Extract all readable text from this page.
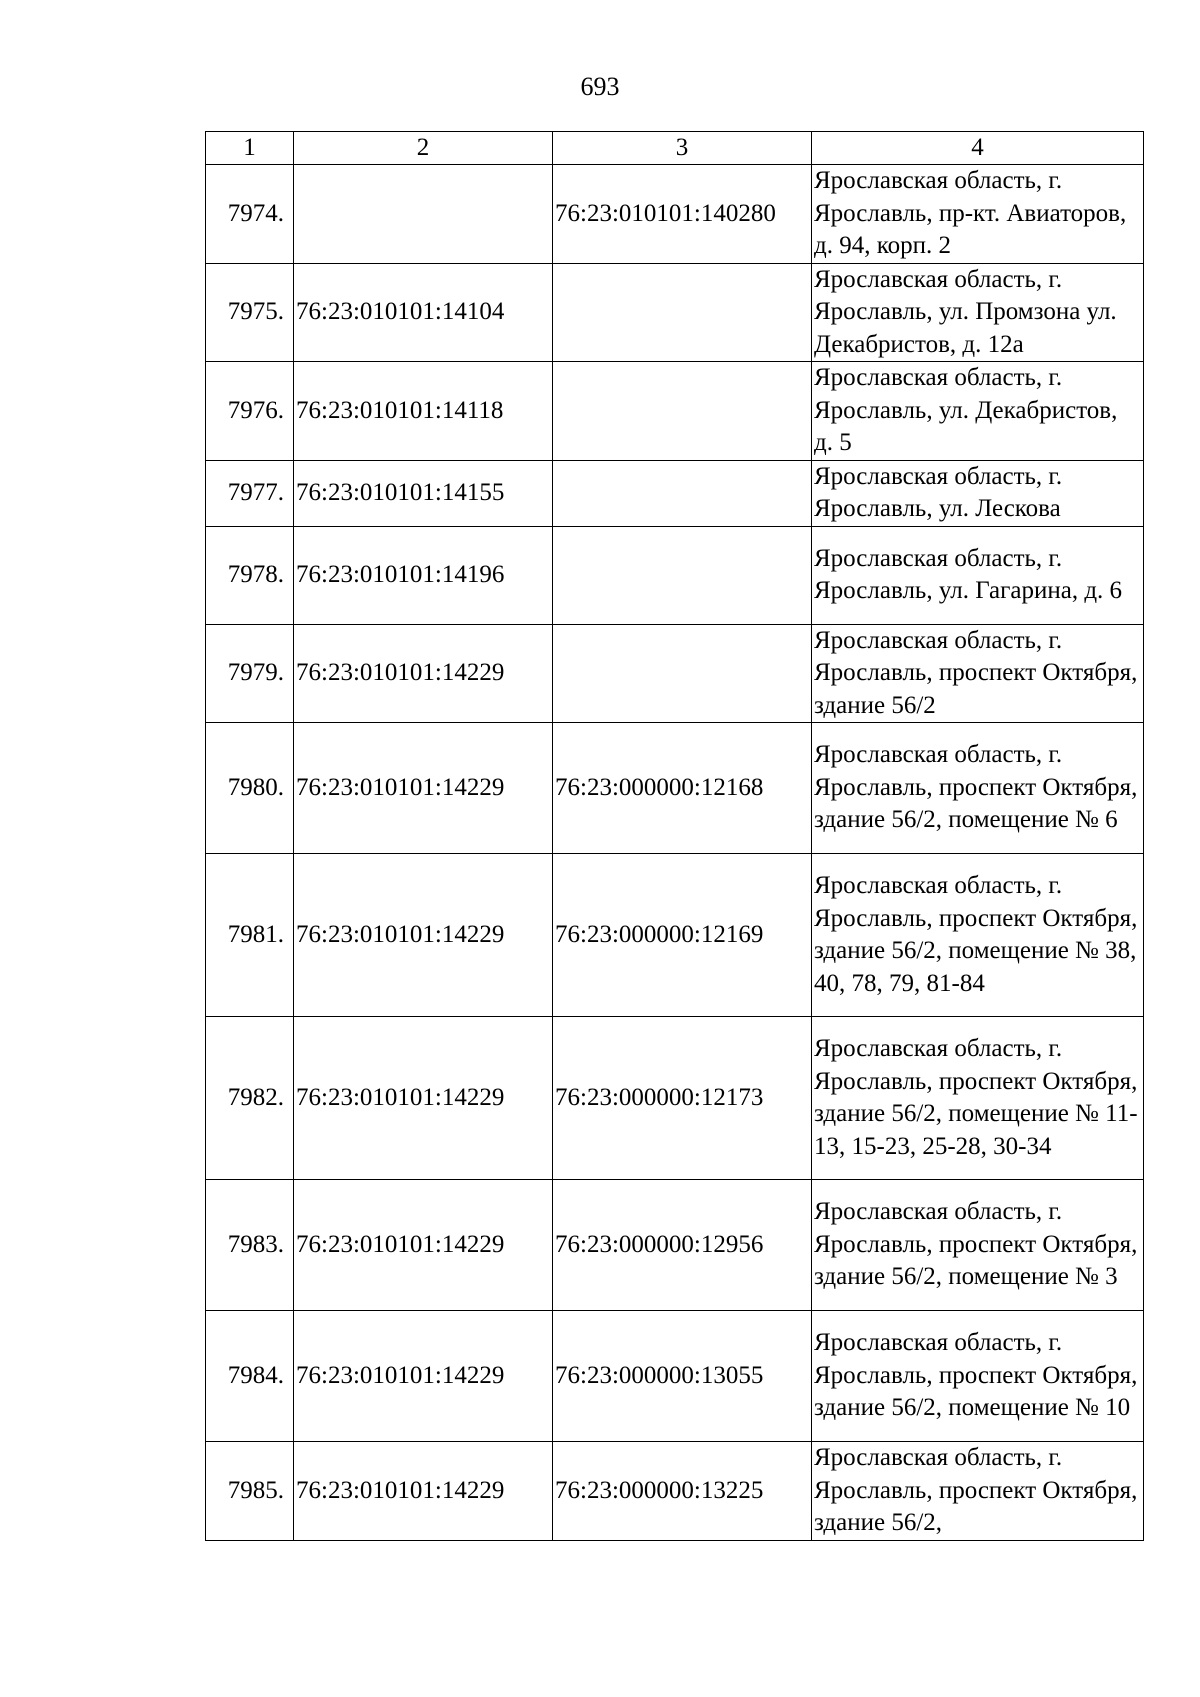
693
1	2	3	4
7974.		76:23:010101:140280	Ярославская область, г. Ярославль, пр-кт. Авиаторов, д. 94, корп. 2
7975.	76:23:010101:14104		Ярославская область, г. Ярославль, ул. Промзона ул. Декабристов, д. 12а
7976.	76:23:010101:14118		Ярославская область, г. Ярославль, ул. Декабристов, д. 5
7977.	76:23:010101:14155		Ярославская область, г. Ярославль, ул. Лескова
7978.	76:23:010101:14196		Ярославская область, г. Ярославль, ул. Гагарина, д. 6
7979.	76:23:010101:14229		Ярославская область, г. Ярославль, проспект Октября, здание 56/2
7980.	76:23:010101:14229	76:23:000000:12168	Ярославская область, г. Ярославль, проспект Октября, здание 56/2, помещение № 6
7981.	76:23:010101:14229	76:23:000000:12169	Ярославская область, г. Ярославль, проспект Октября, здание 56/2, помещение № 38, 40, 78, 79, 81-84
7982.	76:23:010101:14229	76:23:000000:12173	Ярославская область, г. Ярославль, проспект Октября, здание 56/2, помещение № 11-13, 15-23, 25-28, 30-34
7983.	76:23:010101:14229	76:23:000000:12956	Ярославская область, г. Ярославль, проспект Октября, здание 56/2, помещение № 3
7984.	76:23:010101:14229	76:23:000000:13055	Ярославская область, г. Ярославль, проспект Октября, здание 56/2, помещение № 10
7985.	76:23:010101:14229	76:23:000000:13225	Ярославская область, г. Ярославль, проспект Октября, здание 56/2,
